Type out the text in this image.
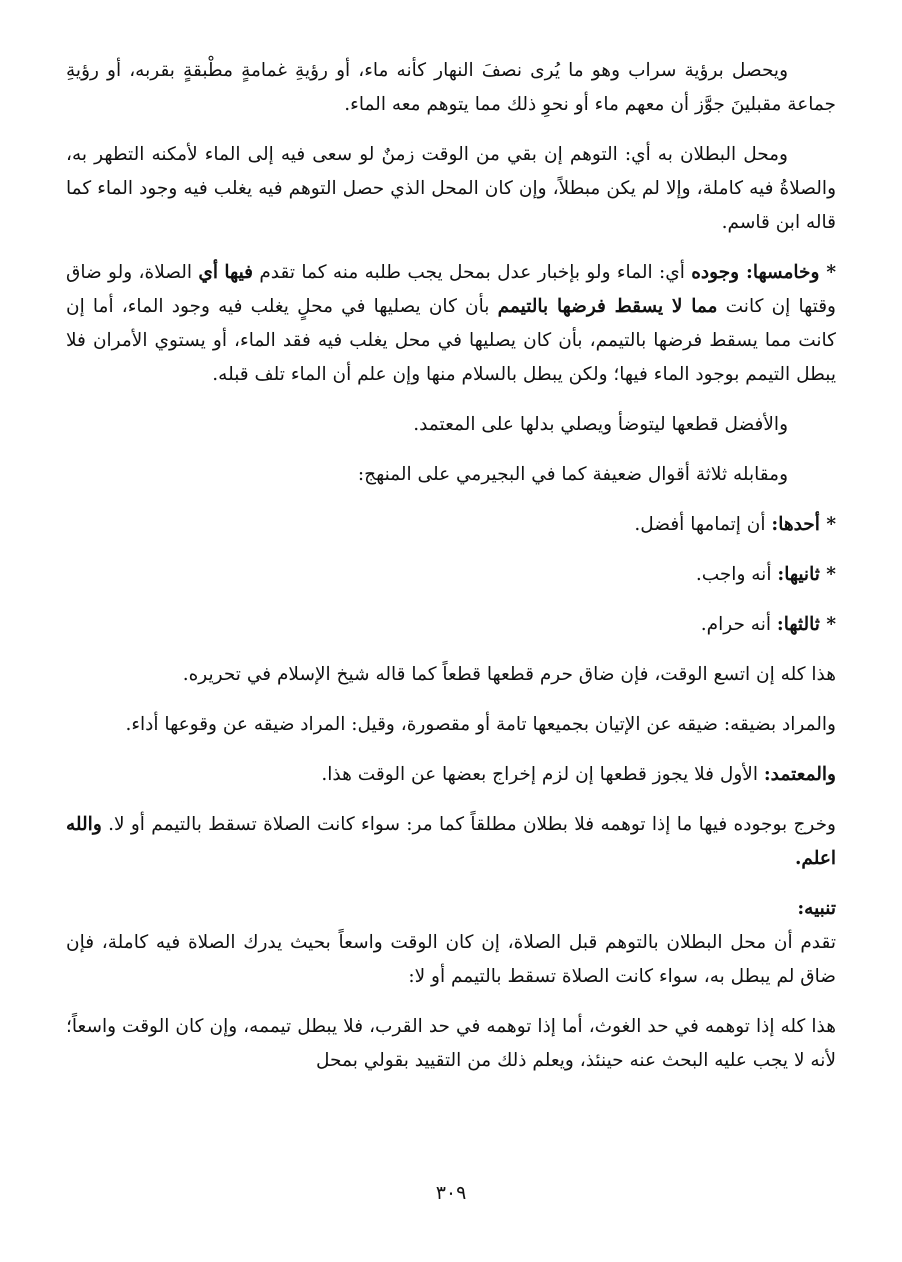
ويحصل برؤية سراب وهو ما يُرى نصفَ النهار كأنه ماء، أو رؤيةِ غمامةٍ مطْبقةٍ بقربه، أو رؤيةِ جماعة مقبلينَ جوَّز أن معهم ماء أو نحوِ ذلك مما يتوهم معه الماء.

ومحل البطلان به أي: التوهم إن بقي من الوقت زمنٌ لو سعى فيه إلى الماء لأمكنه التطهر به، والصلاةُ فيه كاملة، وإلا لم يكن مبطلاً، وإن كان المحل الذي حصل التوهم فيه يغلب فيه وجود الماء كما قاله ابن قاسم.

* وخامسها: وجوده أي: الماء ولو بإخبار عدل بمحل يجب طلبه منه كما تقدم فيها أي الصلاة، ولو ضاق وقتها إن كانت مما لا يسقط فرضها بالتيمم بأن كان يصليها في محلٍ يغلب فيه وجود الماء، أما إن كانت مما يسقط فرضها بالتيمم، بأن كان يصليها في محل يغلب فيه فقد الماء، أو يستوي الأمران فلا يبطل التيمم بوجود الماء فيها؛ ولكن يبطل بالسلام منها وإن علم أن الماء تلف قبله.

والأفضل قطعها ليتوضأ ويصلي بدلها على المعتمد.

ومقابله ثلاثة أقوال ضعيفة كما في البجيرمي على المنهج:

* أحدها: أن إتمامها أفضل.

* ثانيها: أنه واجب.

* ثالثها: أنه حرام.

هذا كله إن اتسع الوقت، فإن ضاق حرم قطعها قطعاً كما قاله شيخ الإسلام في تحريره.

والمراد بضيقه: ضيقه عن الإتيان بجميعها تامة أو مقصورة، وقيل: المراد ضيقه عن وقوعها أداء.

والمعتمد: الأول فلا يجوز قطعها إن لزم إخراج بعضها عن الوقت هذا.

وخرج بوجوده فيها ما إذا توهمه فلا بطلان مطلقاً كما مر: سواء كانت الصلاة تسقط بالتيمم أو لا. والله اعلم.

تنبيه:

تقدم أن محل البطلان بالتوهم قبل الصلاة، إن كان الوقت واسعاً بحيث يدرك الصلاة فيه كاملة، فإن ضاق لم يبطل به، سواء كانت الصلاة تسقط بالتيمم أو لا:

هذا كله إذا توهمه في حد الغوث، أما إذا توهمه في حد القرب، فلا يبطل تيممه، وإن كان الوقت واسعاً؛ لأنه لا يجب عليه البحث عنه حينئذ، ويعلم ذلك من التقييد بقولي بمحل

٣٠٩
